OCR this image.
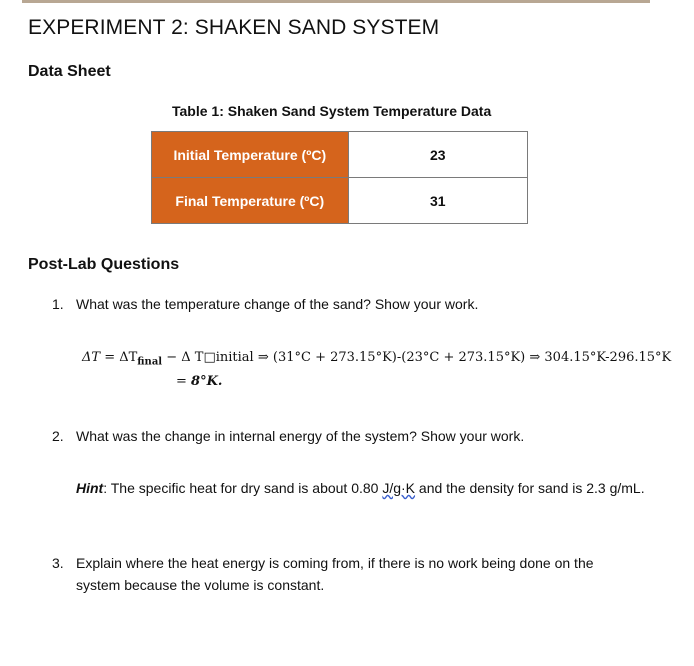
EXPERIMENT 2: SHAKEN SAND SYSTEM
Data Sheet
Table 1: Shaken Sand System Temperature Data
Initial Temperature (ºC)	23
Final Temperature (ºC)	31
Post-Lab Questions
1. What was the temperature change of the sand? Show your work.
$\Delta T = \Delta T_{final} - \Delta$ T□initial ⇒ (31°C + 273.15°K)-(23°C + 273.15°K) ⇒ 304.15°K-296.15°K
= 8°K.
2. What was the change in internal energy of the system? Show your work.
Hint: The specific heat for dry sand is about 0.80 J/g·K and the density for sand is 2.3 g/mL.
3. Explain where the heat energy is coming from, if there is no work being done on the system because the volume is constant.
